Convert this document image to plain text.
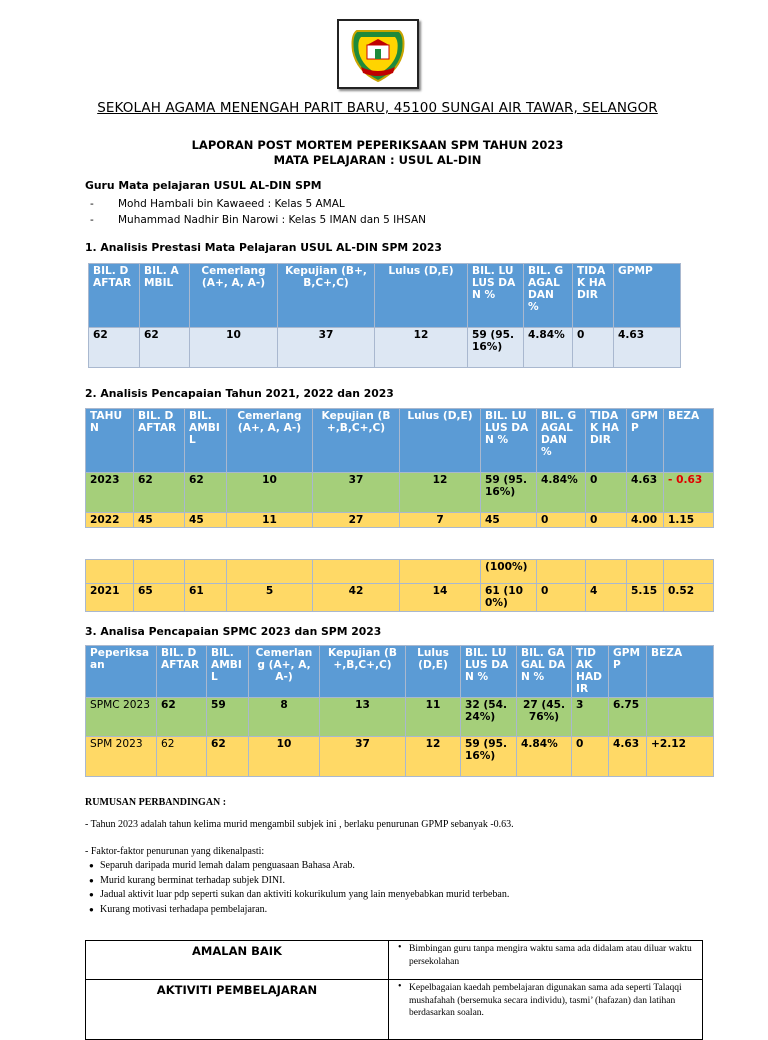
SEKOLAH AGAMA MENENGAH PARIT BARU, 45100 SUNGAI AIR TAWAR, SELANGOR
LAPORAN POST MORTEM PEPERIKSAAN SPM TAHUN 2023
MATA PELAJARAN : USUL AL-DIN
Guru Mata pelajaran USUL AL-DIN SPM
- Mohd Hambali bin Kawaeed : Kelas 5 AMAL
- Muhammad Nadhir Bin Narowi : Kelas 5 IMAN dan 5 IHSAN
1. Analisis Prestasi Mata Pelajaran USUL AL-DIN SPM 2023
BIL. DAFTAR	BIL. AMBIL	Cemerlang (A+, A, A-)	Kepujian (B+,B,C+,C)	Lulus (D,E)	BIL. LULUS DAN %	BIL. GAGAL DAN %	TIDAK HADIR	GPMP
62	62	10	37	12	59 (95.16%)	4.84%	0	4.63
2. Analisis Pencapaian Tahun 2021, 2022 dan 2023
TAHUN	BIL. DAFTAR	BIL. AMBIL	Cemerlang (A+, A, A-)	Kepujian (B+,B,C+,C)	Lulus (D,E)	BIL. LULUS DAN %	BIL. GAGAL DAN %	TIDAK HADIR	GPMP	BEZA
2023	62	62	10	37	12	59 (95.16%)	4.84%	0	4.63	- 0.63
2022	45	45	11	27	7	45	0	0	4.00	1.15
						(100%)				
2021	65	61	5	42	14	61 (100%)	0	4	5.15	0.52
3. Analisa Pencapaian SPMC 2023 dan SPM 2023
Peperiksaan	BIL. DAFTAR	BIL. AMBIL	Cemerlang (A+, A, A-)	Kepujian (B+,B,C+,C)	Lulus (D,E)	BIL. LULUS DAN %	BIL. GAGAL DAN %	TIDAK HADIR	GPMP	BEZA
SPMC 2023	62	59	8	13	11	32 (54.24%)	27 (45.76%)	3	6.75	
SPM 2023	62	62	10	37	12	59 (95.16%)	4.84%	0	4.63	+2.12
RUMUSAN PERBANDINGAN :
- Tahun 2023 adalah tahun kelima murid mengambil subjek ini , berlaku penurunan GPMP sebanyak -0.63.
- Faktor-faktor penurunan yang dikenalpasti:
● Separuh daripada murid lemah dalam penguasaan Bahasa Arab.
● Murid kurang berminat terhadap subjek DINI.
● Jadual aktivit luar pdp seperti sukan dan aktiviti kokurikulum yang lain menyebabkan murid terbeban.
● Kurang motivasi terhadapa pembelajaran.
AMALAN BAIK	• Bimbingan guru tanpa mengira waktu sama ada didalam atau diluar waktu persekolahan
AKTIVITI PEMBELAJARAN	• Kepelbagaian kaedah pembelajaran digunakan sama ada seperti Talaqqi mushafahah (bersemuka secara individu), tasmi’ (hafazan) dan latihan berdasarkan soalan.
